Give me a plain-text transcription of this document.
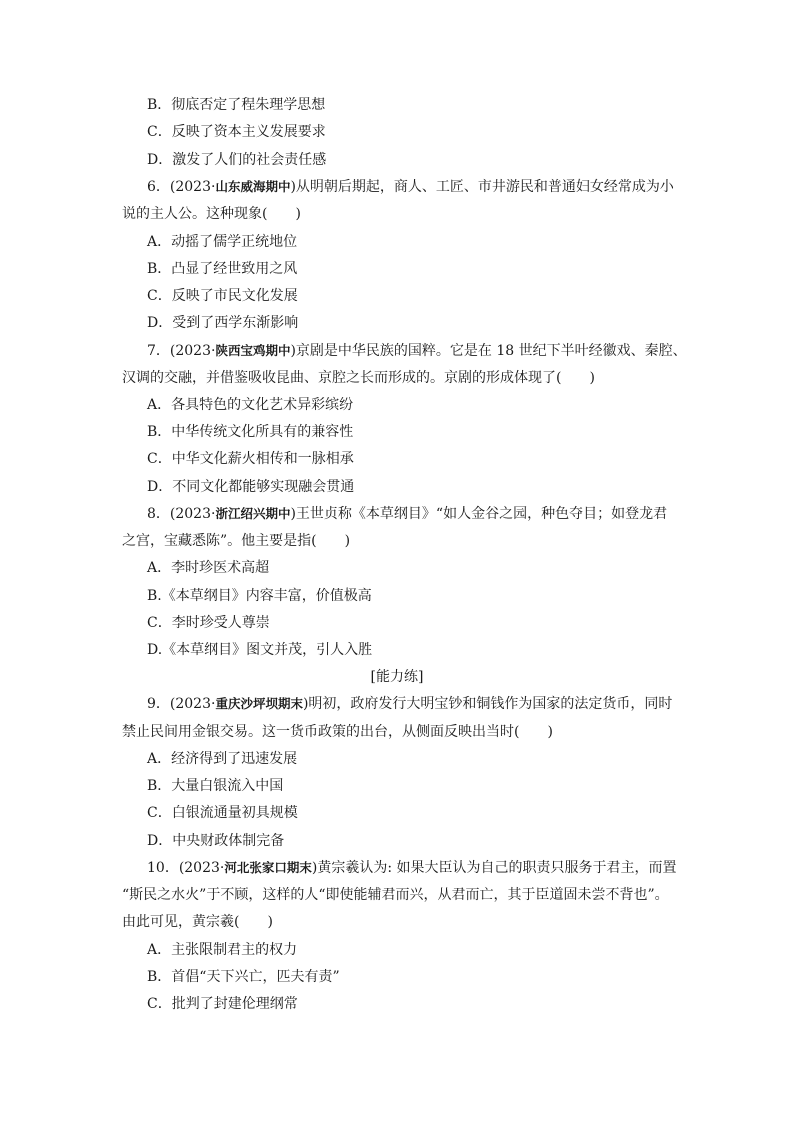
B．彻底否定了程朱理学思想
C．反映了资本主义发展要求
D．激发了人们的社会责任感
6．(2023·山东威海期中)从明朝后期起，商人、工匠、市井游民和普通妇女经常成为小
说的主人公。这种现象(　　)
A．动摇了儒学正统地位
B．凸显了经世致用之风
C．反映了市民文化发展
D．受到了西学东渐影响
7．(2023·陕西宝鸡期中)京剧是中华民族的国粹。它是在 18 世纪下半叶经徽戏、秦腔、
汉调的交融，并借鉴吸收昆曲、京腔之长而形成的。京剧的形成体现了(　　)
A．各具特色的文化艺术异彩缤纷
B．中华传统文化所具有的兼容性
C．中华文化薪火相传和一脉相承
D．不同文化都能够实现融会贯通
8．(2023·浙江绍兴期中)王世贞称《本草纲目》“如人金谷之园，种色夺目；如登龙君
之宫，宝藏悉陈”。他主要是指(　　)
A．李时珍医术高超
B.《本草纲目》内容丰富，价值极高
C．李时珍受人尊崇
D.《本草纲目》图文并茂，引人入胜
[能力练]
9．(2023·重庆沙坪坝期末)明初，政府发行大明宝钞和铜钱作为国家的法定货币，同时
禁止民间用金银交易。这一货币政策的出台，从侧面反映出当时(　　)
A．经济得到了迅速发展
B．大量白银流入中国
C．白银流通量初具规模
D．中央财政体制完备
10．(2023·河北张家口期末)黄宗羲认为: 如果大臣认为自己的职责只服务于君主，而置
“斯民之水火”于不顾，这样的人“即使能辅君而兴，从君而亡，其于臣道固未尝不背也”。
由此可见，黄宗羲(　　)
A．主张限制君主的权力
B．首倡“天下兴亡，匹夫有责”
C．批判了封建伦理纲常
